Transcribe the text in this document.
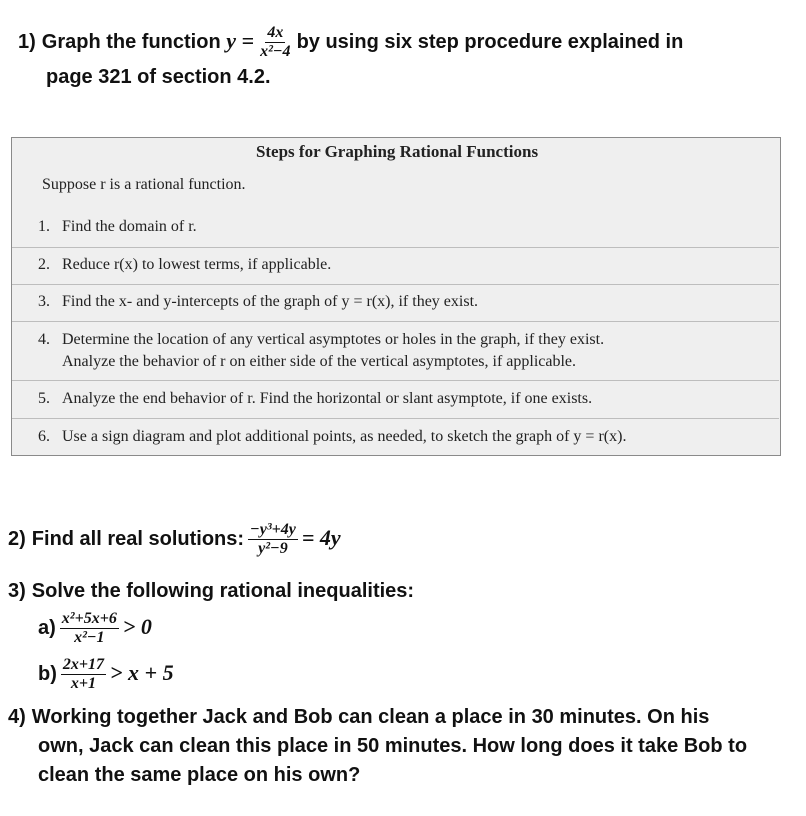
1) Graph the function $y = \frac{4x}{\text{x²−4}}$ by using six step procedure explained in
page 321 of section 4.2.
Steps for Graphing Rational Functions
Suppose r is a rational function.
1. Find the domain of r.
2. Reduce r(x) to lowest terms, if applicable.
3. Find the x- and y-intercepts of the graph of y = r(x), if they exist.
4. Determine the location of any vertical asymptotes or holes in the graph, if they exist.
Analyze the behavior of r on either side of the vertical asymptotes, if applicable.
5. Analyze the end behavior of r. Find the horizontal or slant asymptote, if one exists.
6. Use a sign diagram and plot additional points, as needed, to sketch the graph of y = r(x).
2) Find all real solutions: $\frac{\text{−y³+4y}}{\text{y²−9}} = 4y$
3) Solve the following rational inequalities:
$a) \frac{\text{x²+5x+6}}{\text{x²−1}} > 0$
$b) \frac{2x+17}{x+1} > x + 5$
4) Working together Jack and Bob can clean a place in 30 minutes. On his
own, Jack can clean this place in 50 minutes. How long does it take Bob to
clean the same place on his own?
